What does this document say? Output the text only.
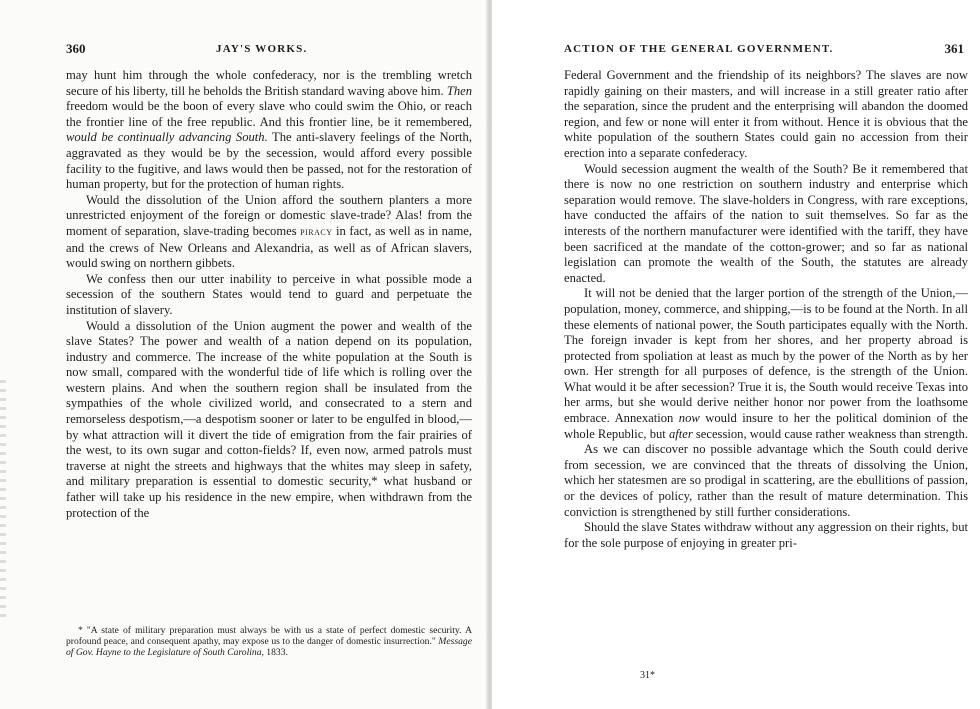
360	JAY'S WORKS.

may hunt him through the whole confederacy, nor is the trembling wretch secure of his liberty, till he beholds the British standard waving above him. Then freedom would be the boon of every slave who could swim the Ohio, or reach the frontier line of the free republic. And this frontier line, be it remembered, would be continually advancing South. The anti-slavery feelings of the North, aggravated as they would be by the secession, would afford every possible facility to the fugitive, and laws would then be passed, not for the restoration of human property, but for the protection of human rights.

Would the dissolution of the Union afford the southern planters a more unrestricted enjoyment of the foreign or domestic slave-trade? Alas! from the moment of separation, slave-trading becomes piracy in fact, as well as in name, and the crews of New Orleans and Alexandria, as well as of African slavers, would swing on northern gibbets.

We confess then our utter inability to perceive in what possible mode a secession of the southern States would tend to guard and perpetuate the institution of slavery.

Would a dissolution of the Union augment the power and wealth of the slave States? The power and wealth of a nation depend on its population, industry and commerce. The increase of the white population at the South is now small, compared with the wonderful tide of life which is rolling over the western plains. And when the southern region shall be insulated from the sympathies of the whole civilized world, and consecrated to a stern and remorseless despotism,—a despotism sooner or later to be engulfed in blood,—by what attraction will it divert the tide of emigration from the fair prairies of the west, to its own sugar and cotton-fields? If, even now, armed patrols must traverse at night the streets and highways that the whites may sleep in safety, and military preparation is essential to domestic security,* what husband or father will take up his residence in the new empire, when withdrawn from the protection of the

* "A state of military preparation must always be with us a state of perfect domestic security. A profound peace, and consequent apathy, may expose us to the danger of domestic insurrection." Message of Gov. Hayne to the Legislature of South Carolina, 1833.

ACTION OF THE GENERAL GOVERNMENT.	361

Federal Government and the friendship of its neighbors? The slaves are now rapidly gaining on their masters, and will increase in a still greater ratio after the separation, since the prudent and the enterprising will abandon the doomed region, and few or none will enter it from without. Hence it is obvious that the white population of the southern States could gain no accession from their erection into a separate confederacy.

Would secession augment the wealth of the South? Be it remembered that there is now no one restriction on southern industry and enterprise which separation would remove. The slave-holders in Congress, with rare exceptions, have conducted the affairs of the nation to suit themselves. So far as the interests of the northern manufacturer were identified with the tariff, they have been sacrificed at the mandate of the cotton-grower; and so far as national legislation can promote the wealth of the South, the statutes are already enacted.

It will not be denied that the larger portion of the strength of the Union,—population, money, commerce, and shipping,—is to be found at the North. In all these elements of national power, the South participates equally with the North. The foreign invader is kept from her shores, and her property abroad is protected from spoliation at least as much by the power of the North as by her own. Her strength for all purposes of defence, is the strength of the Union. What would it be after secession? True it is, the South would receive Texas into her arms, but she would derive neither honor nor power from the loathsome embrace. Annexation now would insure to her the political dominion of the whole Republic, but after secession, would cause rather weakness than strength.

As we can discover no possible advantage which the South could derive from secession, we are convinced that the threats of dissolving the Union, which her statesmen are so prodigal in scattering, are the ebullitions of passion, or the devices of policy, rather than the result of mature determination. This conviction is strengthened by still further considerations.

Should the slave States withdraw without any aggression on their rights, but for the sole purpose of enjoying in greater pri-

31*
